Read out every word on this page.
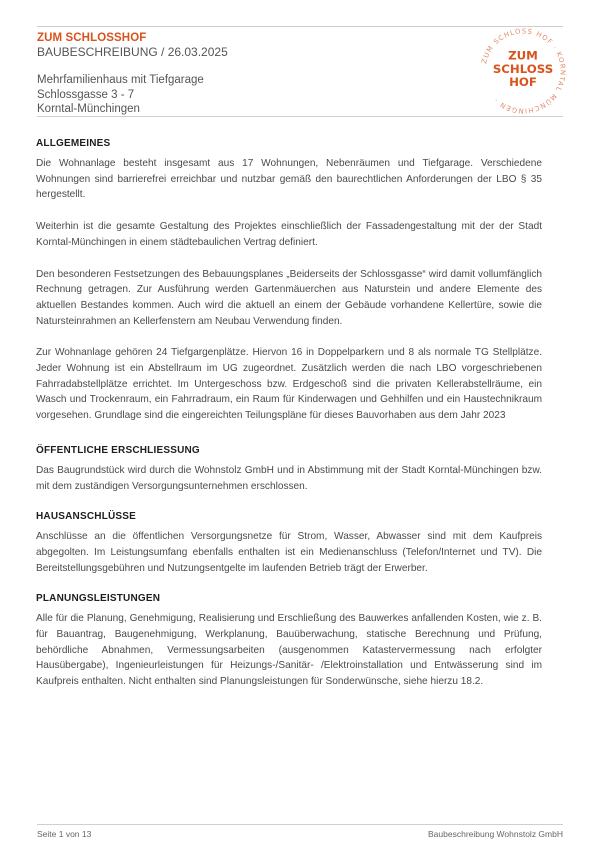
ZUM SCHLOSSHOF
BAUBESCHREIBUNG / 26.03.2025
Mehrfamilienhaus mit Tiefgarage
Schlossgasse 3 - 7
Korntal-Münchingen
ZUM SCHLOSS HOF · KORNTAL MÜNCHINGEN ·
ZUM
SCHLOSS
HOF
ALLGEMEINES

Die Wohnanlage besteht insgesamt aus 17 Wohnungen, Nebenräumen und Tiefgarage. Verschiedene Wohnungen sind barrierefrei erreichbar und nutzbar gemäß den baurechtlichen Anforderungen der LBO § 35 hergestellt.

Weiterhin ist die gesamte Gestaltung des Projektes einschließlich der Fassadengestaltung mit der der Stadt Korntal-Münchingen in einem städtebaulichen Vertrag definiert.

Den besonderen Festsetzungen des Bebauungsplanes „Beiderseits der Schlossgasse“ wird damit vollumfänglich Rechnung getragen. Zur Ausführung werden Gartenmäuerchen aus Naturstein und andere Elemente des aktuellen Bestandes kommen. Auch wird die aktuell an einem der Gebäude vorhandene Kellertüre, sowie die Natursteinrahmen an Kellerfenstern am Neubau Verwendung finden.

Zur Wohnanlage gehören 24 Tiefgargenplätze. Hiervon 16 in Doppelparkern und 8 als normale TG Stellplätze. Jeder Wohnung ist ein Abstellraum im UG zugeordnet. Zusätzlich werden die nach LBO vorgeschriebenen Fahrradabstellplätze errichtet. Im Untergeschoss bzw. Erdgeschoß sind die privaten Kellerabstellräume, ein Wasch und Trockenraum, ein Fahrradraum, ein Raum für Kinderwagen und Gehhilfen und ein Haustechnikraum vorgesehen. Grundlage sind die eingereichten Teilungspläne für dieses Bauvorhaben aus dem Jahr 2023

ÖFFENTLICHE ERSCHLIESSUNG

Das Baugrundstück wird durch die Wohnstolz GmbH und in Abstimmung mit der Stadt Korntal-Münchingen bzw. mit dem zuständigen Versorgungsunternehmen erschlossen.

HAUSANSCHLÜSSE

Anschlüsse an die öffentlichen Versorgungsnetze für Strom, Wasser, Abwasser sind mit dem Kaufpreis abgegolten. Im Leistungsumfang ebenfalls enthalten ist ein Medienanschluss (Telefon/Internet und TV). Die Bereitstellungsgebühren und Nutzungsentgelte im laufenden Betrieb trägt der Erwerber.

PLANUNGSLEISTUNGEN

Alle für die Planung, Genehmigung, Realisierung und Erschließung des Bauwerkes anfallenden Kosten, wie z. B. für Bauantrag, Baugenehmigung, Werkplanung, Bauüberwachung, statische Berechnung und Prüfung, behördliche Abnahmen, Vermessungsarbeiten (ausgenommen Katastervermessung nach erfolgter Hausübergabe), Ingenieurleistungen für Heizungs-/Sanitär- /Elektroinstallation und Entwässerung sind im Kaufpreis enthalten. Nicht enthalten sind Planungsleistungen für Sonderwünsche, siehe hierzu 18.2.

Seite 1 von 13	Baubeschreibung Wohnstolz GmbH
